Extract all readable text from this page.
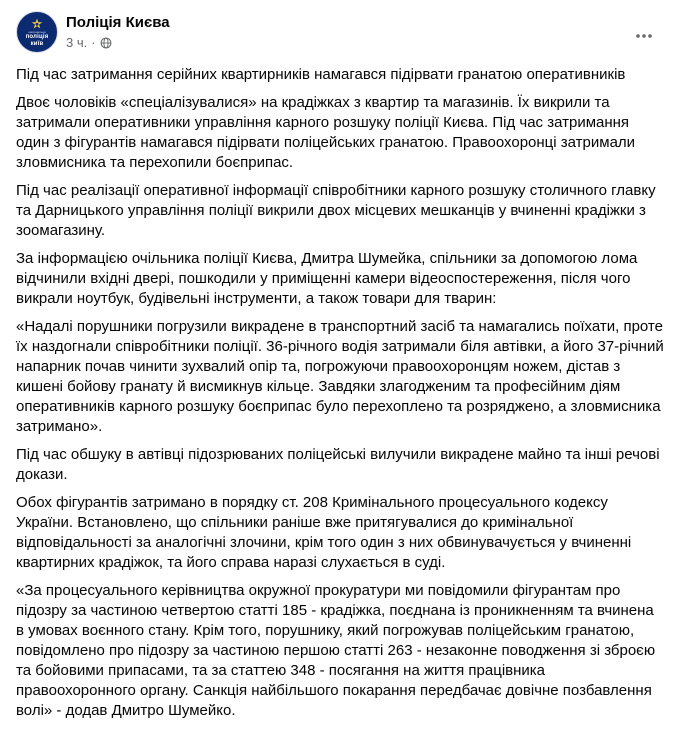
національна
поліція
київ
Поліція Києва
3 ч. ·

Під час затримання серійних квартирників намагався підірвати гранатою оперативників

Двоє чоловіків «спеціалізувалися» на крадіжках з квартир та магазинів. Їх викрили та затримали оперативники управління карного розшуку поліції Києва. Під час затримання один з фігурантів намагався підірвати поліцейських гранатою. Правоохоронці затримали зловмисника та перехопили боєприпас.

Під час реалізації оперативної інформації співробітники карного розшуку столичного главку та Дарницького управління поліції викрили двох місцевих мешканців у вчиненні крадіжки з зоомагазину.

За інформацією очільника поліції Києва, Дмитра Шумейка, спільники за допомогою лома відчинили вхідні двері, пошкодили у приміщенні камери відеоспостереження, після чого викрали ноутбук, будівельні інструменти, а також товари для тварин:

«Надалі порушники погрузили викрадене в транспортний засіб та намагались поїхати, проте їх наздогнали співробітники поліції. 36-річного водія затримали біля автівки, а його 37-річний напарник почав чинити зухвалий опір та, погрожуючи правоохоронцям ножем, дістав з кишені бойову гранату й висмикнув кільце. Завдяки злагодженим та професійним діям оперативників карного розшуку боєприпас було перехоплено та розряджено, а зловмисника затримано».

Під час обшуку в автівці підозрюваних поліцейські вилучили викрадене майно та інші речові докази.

Обох фігурантів затримано в порядку ст. 208 Кримінального процесуального кодексу України. Встановлено, що спільники раніше вже притягувалися до кримінальної відповідальності за аналогічні злочини, крім того один з них обвинувачується у вчиненні квартирних крадіжок, та його справа наразі слухається в суді.

«За процесуального керівництва окружної прокуратури ми повідомили фігурантам про підозру за частиною четвертою статті 185 - крадіжка, поєднана із проникненням та вчинена в умовах воєнного стану. Крім того, порушнику, який погрожував поліцейським гранатою, повідомлено про підозру за частиною першою статті 263 - незаконне поводження зі зброєю та бойовими припасами, та за статтею 348 - посягання на життя працівника правоохоронного органу. Санкція найбільшого покарання передбачає довічне позбавлення волі» - додав Дмитро Шумейко.
